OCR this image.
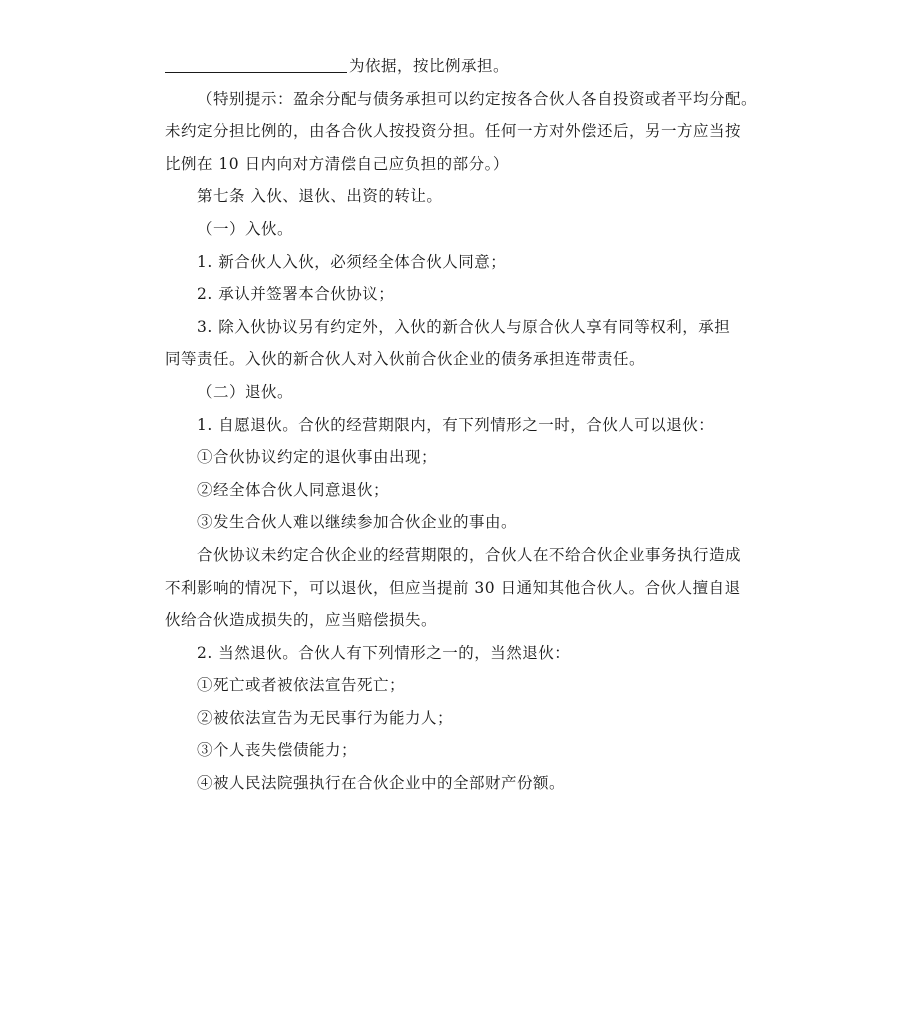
为依据，按比例承担。
（特别提示：盈余分配与债务承担可以约定按各合伙人各自投资或者平均分配。
未约定分担比例的，由各合伙人按投资分担。任何一方对外偿还后，另一方应当按
比例在 10 日内向对方清偿自己应负担的部分。）
第七条 入伙、退伙、出资的转让。
（一）入伙。
1. 新合伙人入伙，必须经全体合伙人同意；
2. 承认并签署本合伙协议；
3. 除入伙协议另有约定外，入伙的新合伙人与原合伙人享有同等权利，承担
同等责任。入伙的新合伙人对入伙前合伙企业的债务承担连带责任。
（二）退伙。
1. 自愿退伙。合伙的经营期限内，有下列情形之一时，合伙人可以退伙：
①合伙协议约定的退伙事由出现；
②经全体合伙人同意退伙；
③发生合伙人难以继续参加合伙企业的事由。
合伙协议未约定合伙企业的经营期限的，合伙人在不给合伙企业事务执行造成
不利影响的情况下，可以退伙，但应当提前 30 日通知其他合伙人。合伙人擅自退
伙给合伙造成损失的，应当赔偿损失。
2. 当然退伙。合伙人有下列情形之一的，当然退伙：
①死亡或者被依法宣告死亡；
②被依法宣告为无民事行为能力人；
③个人丧失偿债能力；
④被人民法院强执行在合伙企业中的全部财产份额。
